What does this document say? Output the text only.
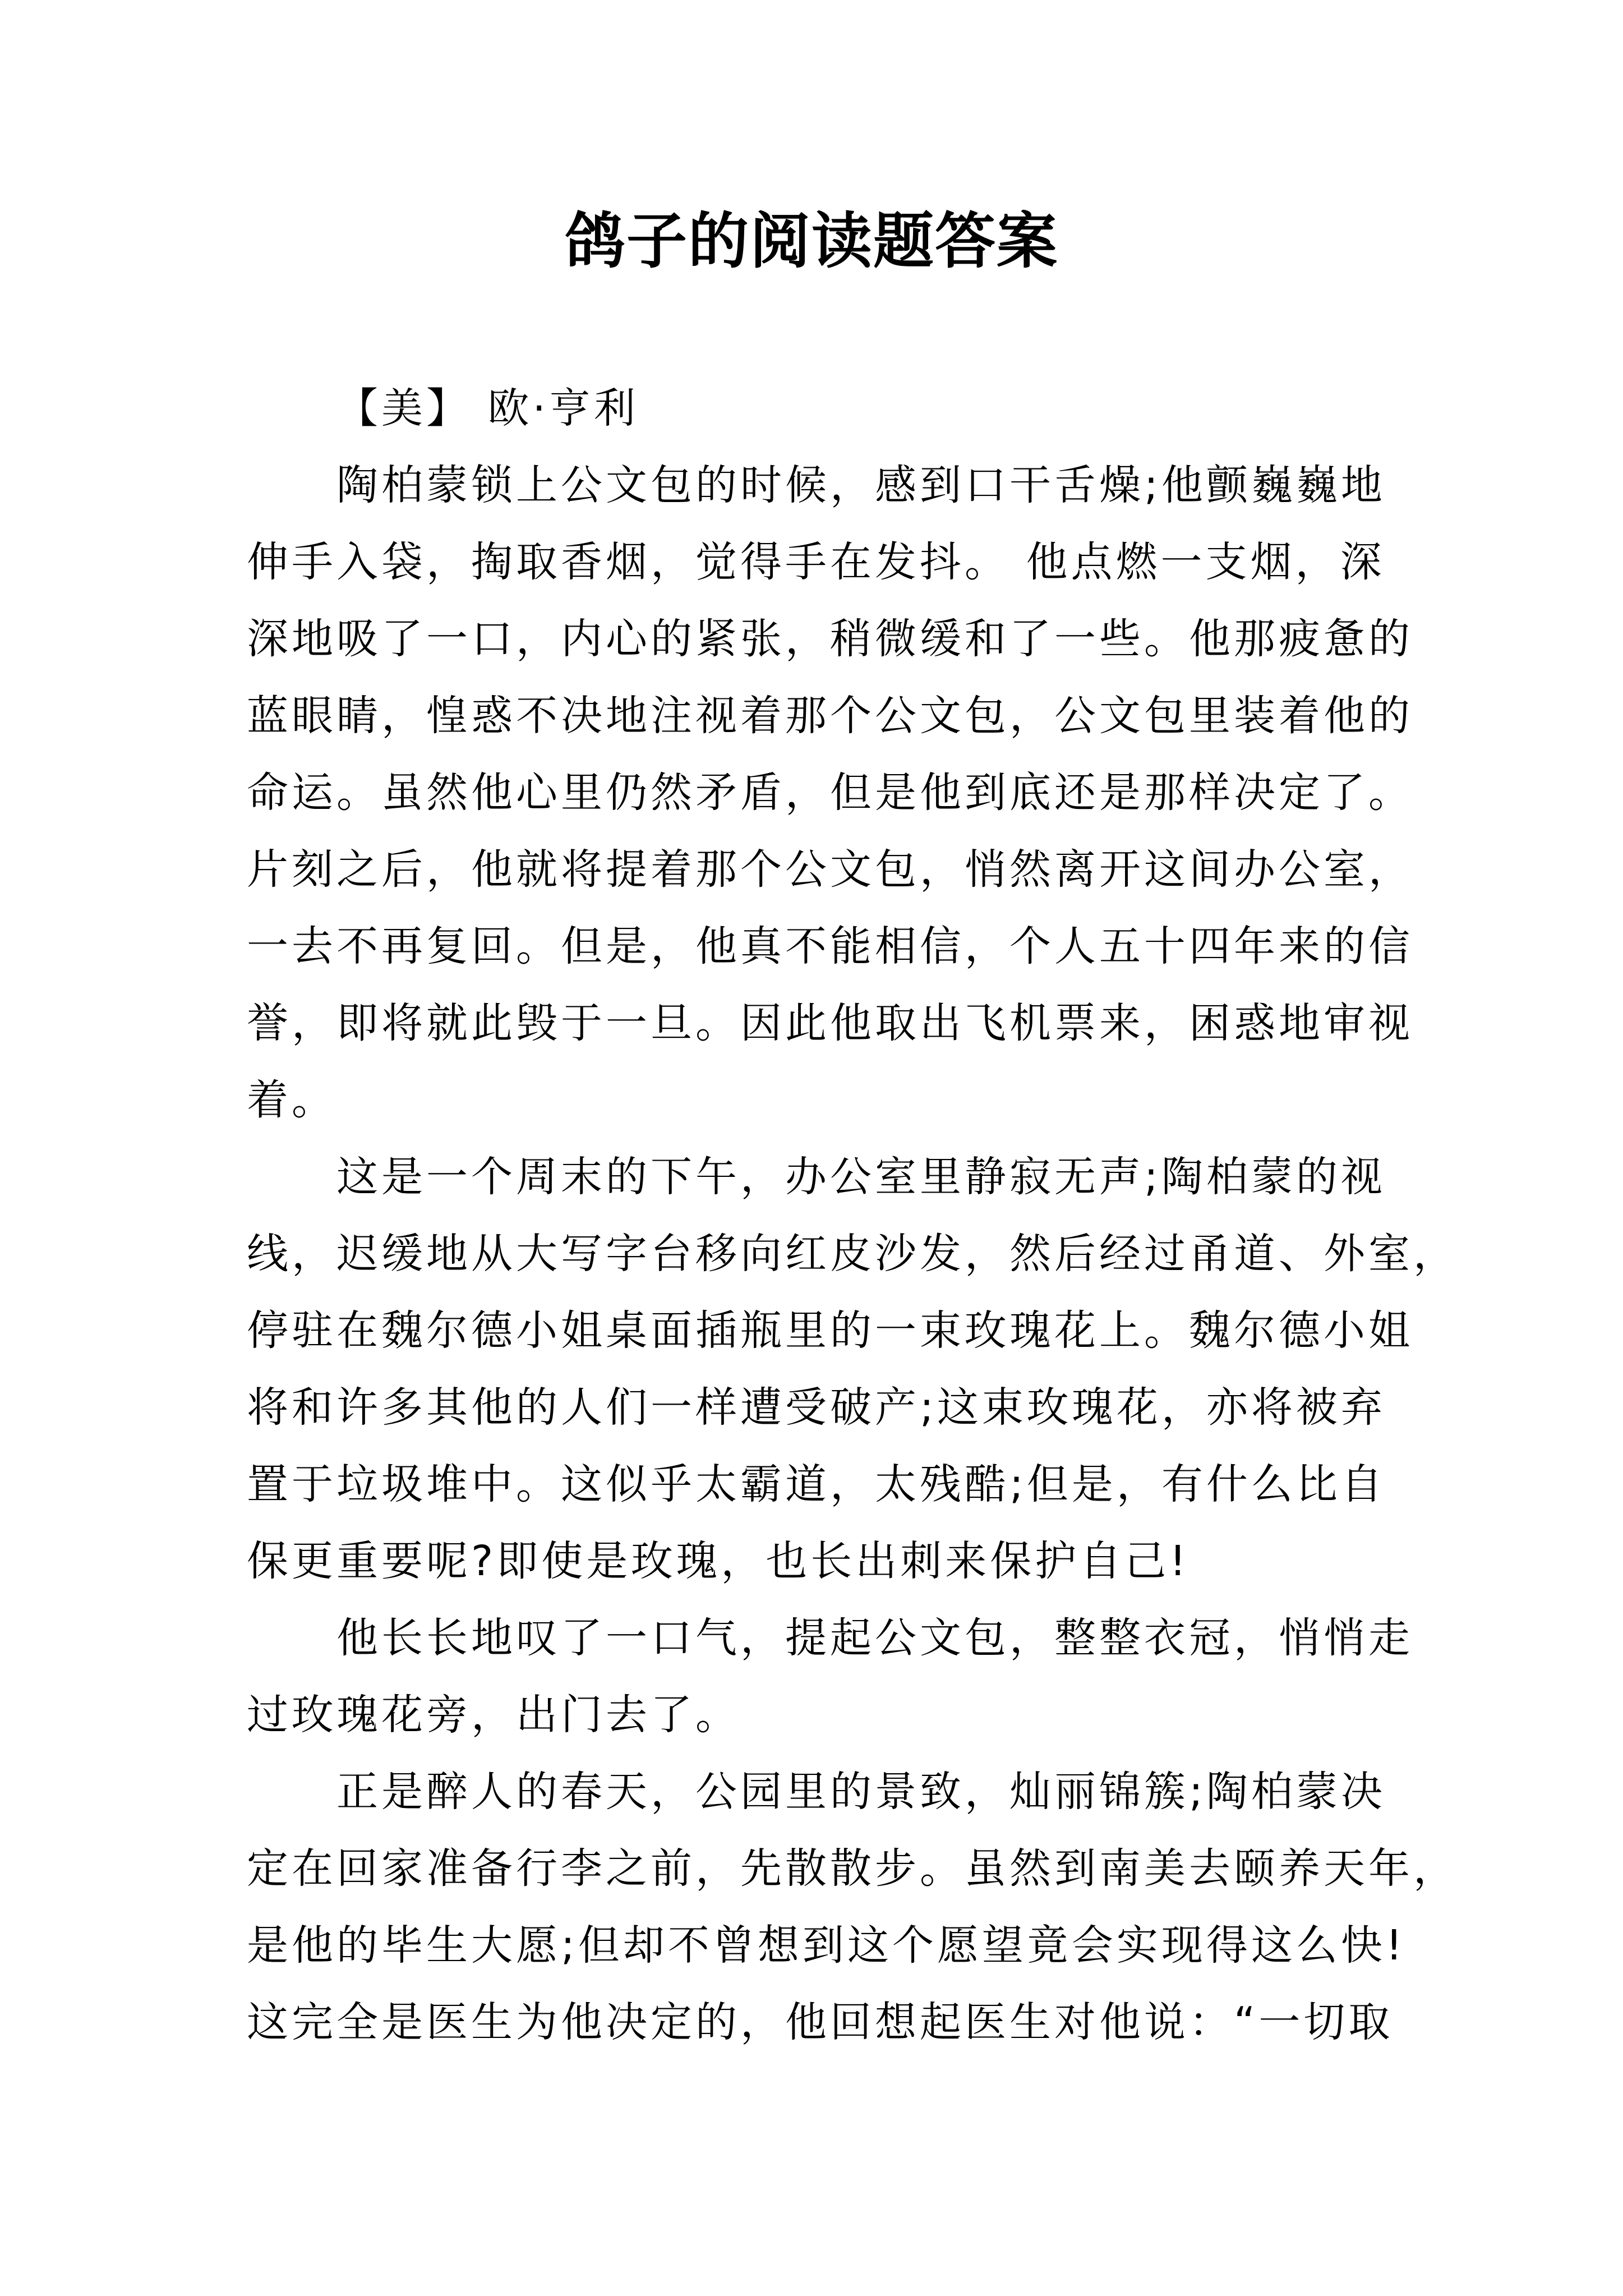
鸽子的阅读题答案
【美】 欧·亨利
陶柏蒙锁上公文包的时候，感到口干舌燥;他颤巍巍地
伸手入袋，掏取香烟，觉得手在发抖。 他点燃一支烟，深
深地吸了一口，内心的紧张，稍微缓和了一些。他那疲惫的
蓝眼睛，惶惑不决地注视着那个公文包，公文包里装着他的
命运。虽然他心里仍然矛盾，但是他到底还是那样决定了。
片刻之后，他就将提着那个公文包，悄然离开这间办公室，
一去不再复回。但是，他真不能相信，个人五十四年来的信
誉，即将就此毁于一旦。因此他取出飞机票来，困惑地审视
着。
这是一个周末的下午，办公室里静寂无声;陶柏蒙的视
线，迟缓地从大写字台移向红皮沙发，然后经过甬道、外室，
停驻在魏尔德小姐桌面插瓶里的一束玫瑰花上。魏尔德小姐
将和许多其他的人们一样遭受破产;这束玫瑰花，亦将被弃
置于垃圾堆中。这似乎太霸道，太残酷;但是，有什么比自
保更重要呢?即使是玫瑰，也长出刺来保护自己!
他长长地叹了一口气，提起公文包，整整衣冠，悄悄走
过玫瑰花旁，出门去了。
正是醉人的春天，公园里的景致，灿丽锦簇;陶柏蒙决
定在回家准备行李之前，先散散步。虽然到南美去颐养天年，
是他的毕生大愿;但却不曾想到这个愿望竟会实现得这么快!
这完全是医生为他决定的，他回想起医生对他说：“一切取
